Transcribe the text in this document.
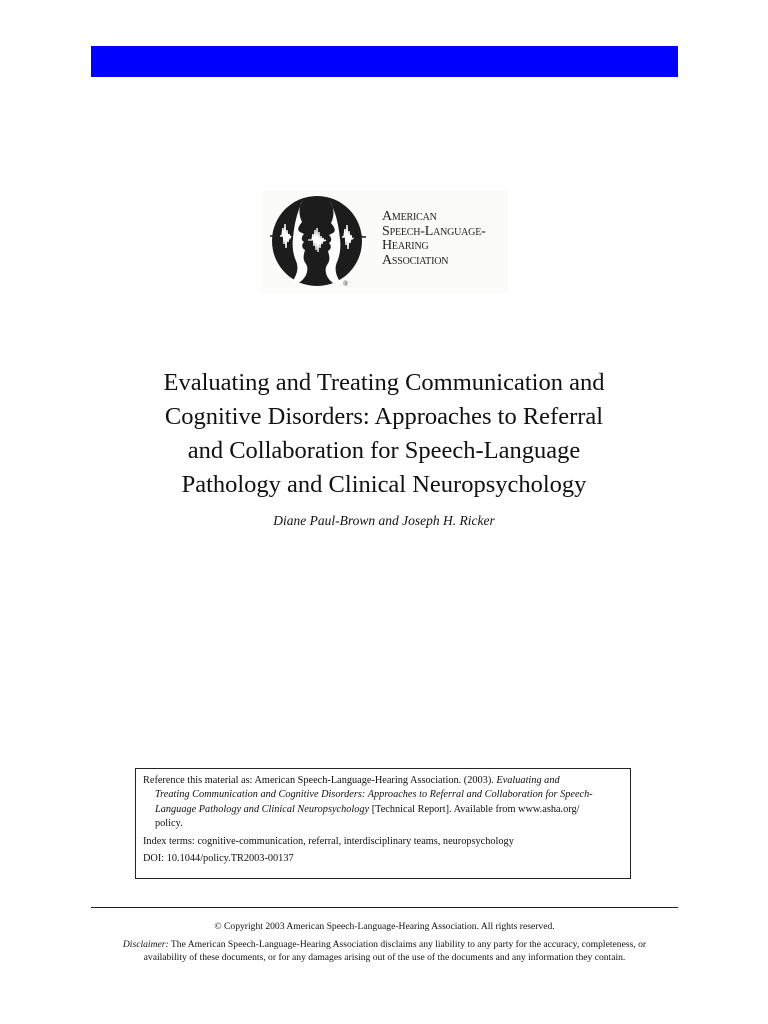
®
American
Speech-Language-
Hearing
Association
Evaluating and Treating Communication and
Cognitive Disorders: Approaches to Referral
and Collaboration for Speech-Language
Pathology and Clinical Neuropsychology
Diane Paul-Brown and Joseph H. Ricker
Reference this material as: American Speech-Language-Hearing Association. (2003). Evaluating and
Treating Communication and Cognitive Disorders: Approaches to Referral and Collaboration for Speech-
Language Pathology and Clinical Neuropsychology [Technical Report]. Available from www.asha.org/
policy.
Index terms: cognitive-communication, referral, interdisciplinary teams, neuropsychology
DOI: 10.1044/policy.TR2003-00137
© Copyright 2003 American Speech-Language-Hearing Association. All rights reserved.
Disclaimer: The American Speech-Language-Hearing Association disclaims any liability to any party for the accuracy, completeness, or
availability of these documents, or for any damages arising out of the use of the documents and any information they contain.
